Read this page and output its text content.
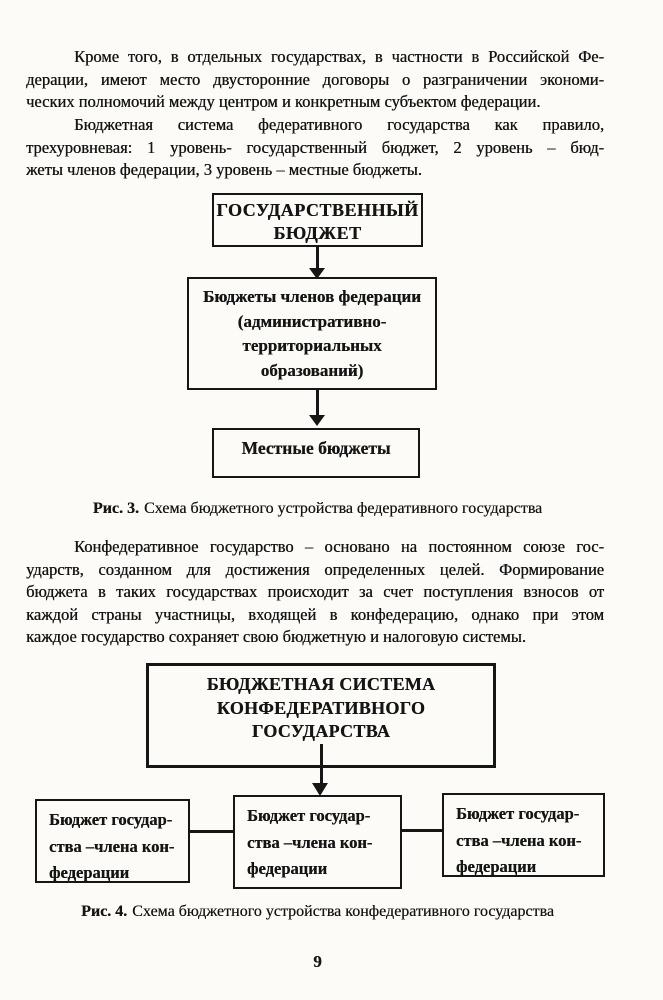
Кроме того, в отдельных государствах, в частности в Российской Фе-
дерации, имеют место двусторонние договоры о разграничении экономи-
ческих полномочий между центром и конкретным субъектом федерации.
Бюджетная система федеративного государства как правило,
трехуровневая: 1 уровень- государственный бюджет, 2 уровень – бюд-
жеты членов федерации, 3 уровень – местные бюджеты.
ГОСУДАРСТВЕННЫЙ
БЮДЖЕТ
Бюджеты членов федерации
(административно-
территориальных
образований)
Местные бюджеты
Рис. 3. Схема бюджетного устройства федеративного государства
Конфедеративное государство – основано на постоянном союзе гос-
ударств, созданном для достижения определенных целей. Формирование
бюджета в таких государствах происходит за счет поступления взносов от
каждой страны участницы, входящей в конфедерацию, однако при этом
каждое государство сохраняет свою бюджетную и налоговую системы.
БЮДЖЕТНАЯ СИСТЕМА
КОНФЕДЕРАТИВНОГО
ГОСУДАРСТВА
Бюджет государ-
ства –члена кон-
федерации
Бюджет государ-
ства –члена кон-
федерации
Бюджет государ-
ства –члена кон-
федерации
Рис. 4. Схема бюджетного устройства конфедеративного государства
9
